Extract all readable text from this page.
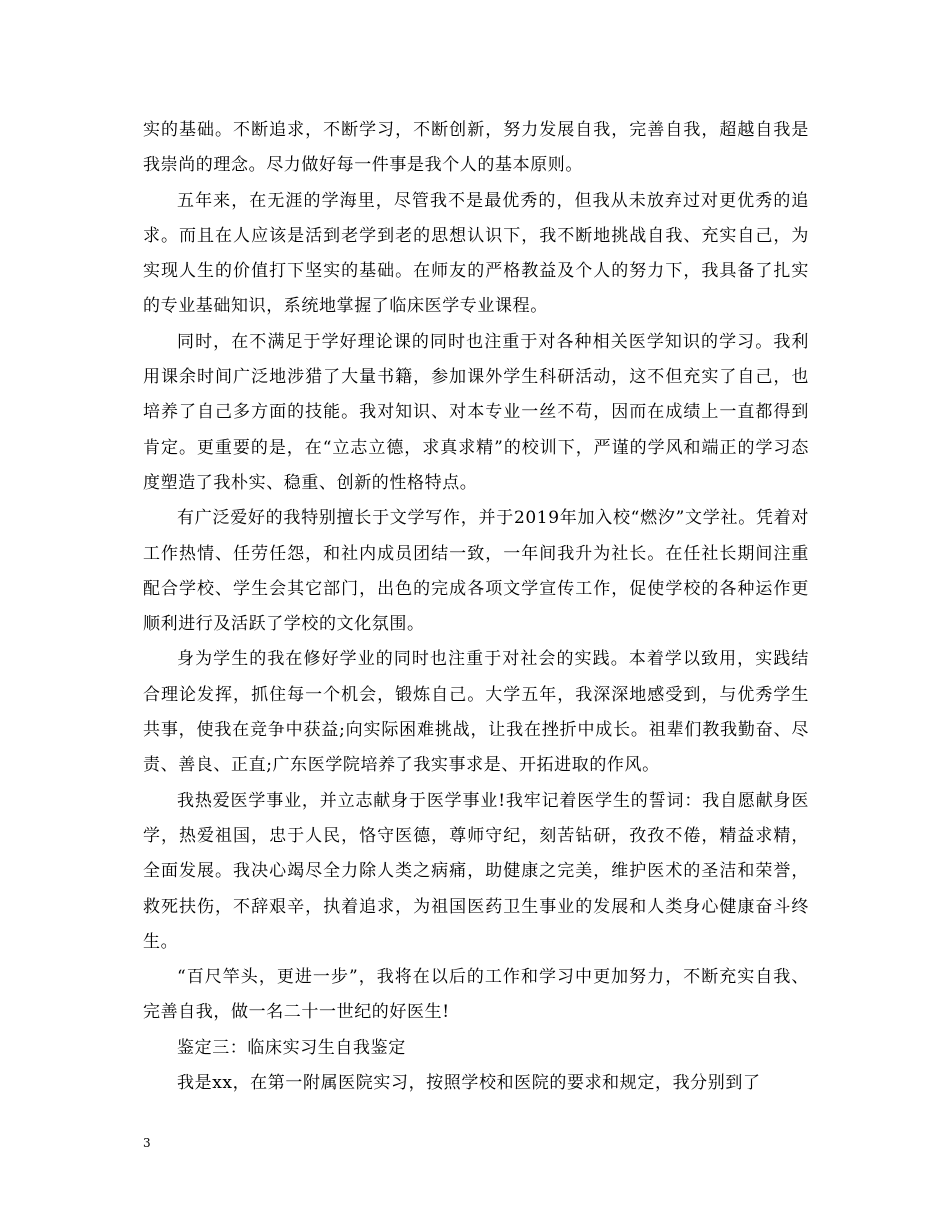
实的基础。不断追求，不断学习，不断创新，努力发展自我，完善自我，超越自我是我崇尚的理念。尽力做好每一件事是我个人的基本原则。

五年来，在无涯的学海里，尽管我不是最优秀的，但我从未放弃过对更优秀的追求。而且在人应该是活到老学到老的思想认识下，我不断地挑战自我、充实自己，为实现人生的价值打下坚实的基础。在师友的严格教益及个人的努力下，我具备了扎实的专业基础知识，系统地掌握了临床医学专业课程。

同时，在不满足于学好理论课的同时也注重于对各种相关医学知识的学习。我利用课余时间广泛地涉猎了大量书籍，参加课外学生科研活动，这不但充实了自己，也培养了自己多方面的技能。我对知识、对本专业一丝不苟，因而在成绩上一直都得到肯定。更重要的是，在“立志立德，求真求精”的校训下，严谨的学风和端正的学习态度塑造了我朴实、稳重、创新的性格特点。

有广泛爱好的我特别擅长于文学写作，并于2019年加入校“燃汐”文学社。凭着对工作热情、任劳任怨，和社内成员团结一致，一年间我升为社长。在任社长期间注重配合学校、学生会其它部门，出色的完成各项文学宣传工作，促使学校的各种运作更顺利进行及活跃了学校的文化氛围。

身为学生的我在修好学业的同时也注重于对社会的实践。本着学以致用，实践结合理论发挥，抓住每一个机会，锻炼自己。大学五年，我深深地感受到，与优秀学生共事，使我在竞争中获益;向实际困难挑战，让我在挫折中成长。祖辈们教我勤奋、尽责、善良、正直;广东医学院培养了我实事求是、开拓进取的作风。

我热爱医学事业，并立志献身于医学事业!我牢记着医学生的誓词：我自愿献身医学，热爱祖国，忠于人民，恪守医德，尊师守纪，刻苦钻研，孜孜不倦，精益求精，全面发展。我决心竭尽全力除人类之病痛，助健康之完美，维护医术的圣洁和荣誉，救死扶伤，不辞艰辛，执着追求，为祖国医药卫生事业的发展和人类身心健康奋斗终生。

“百尺竿头，更进一步”，我将在以后的工作和学习中更加努力，不断充实自我、完善自我，做一名二十一世纪的好医生!

鉴定三：临床实习生自我鉴定

我是xx，在第一附属医院实习，按照学校和医院的要求和规定，我分别到了

3
